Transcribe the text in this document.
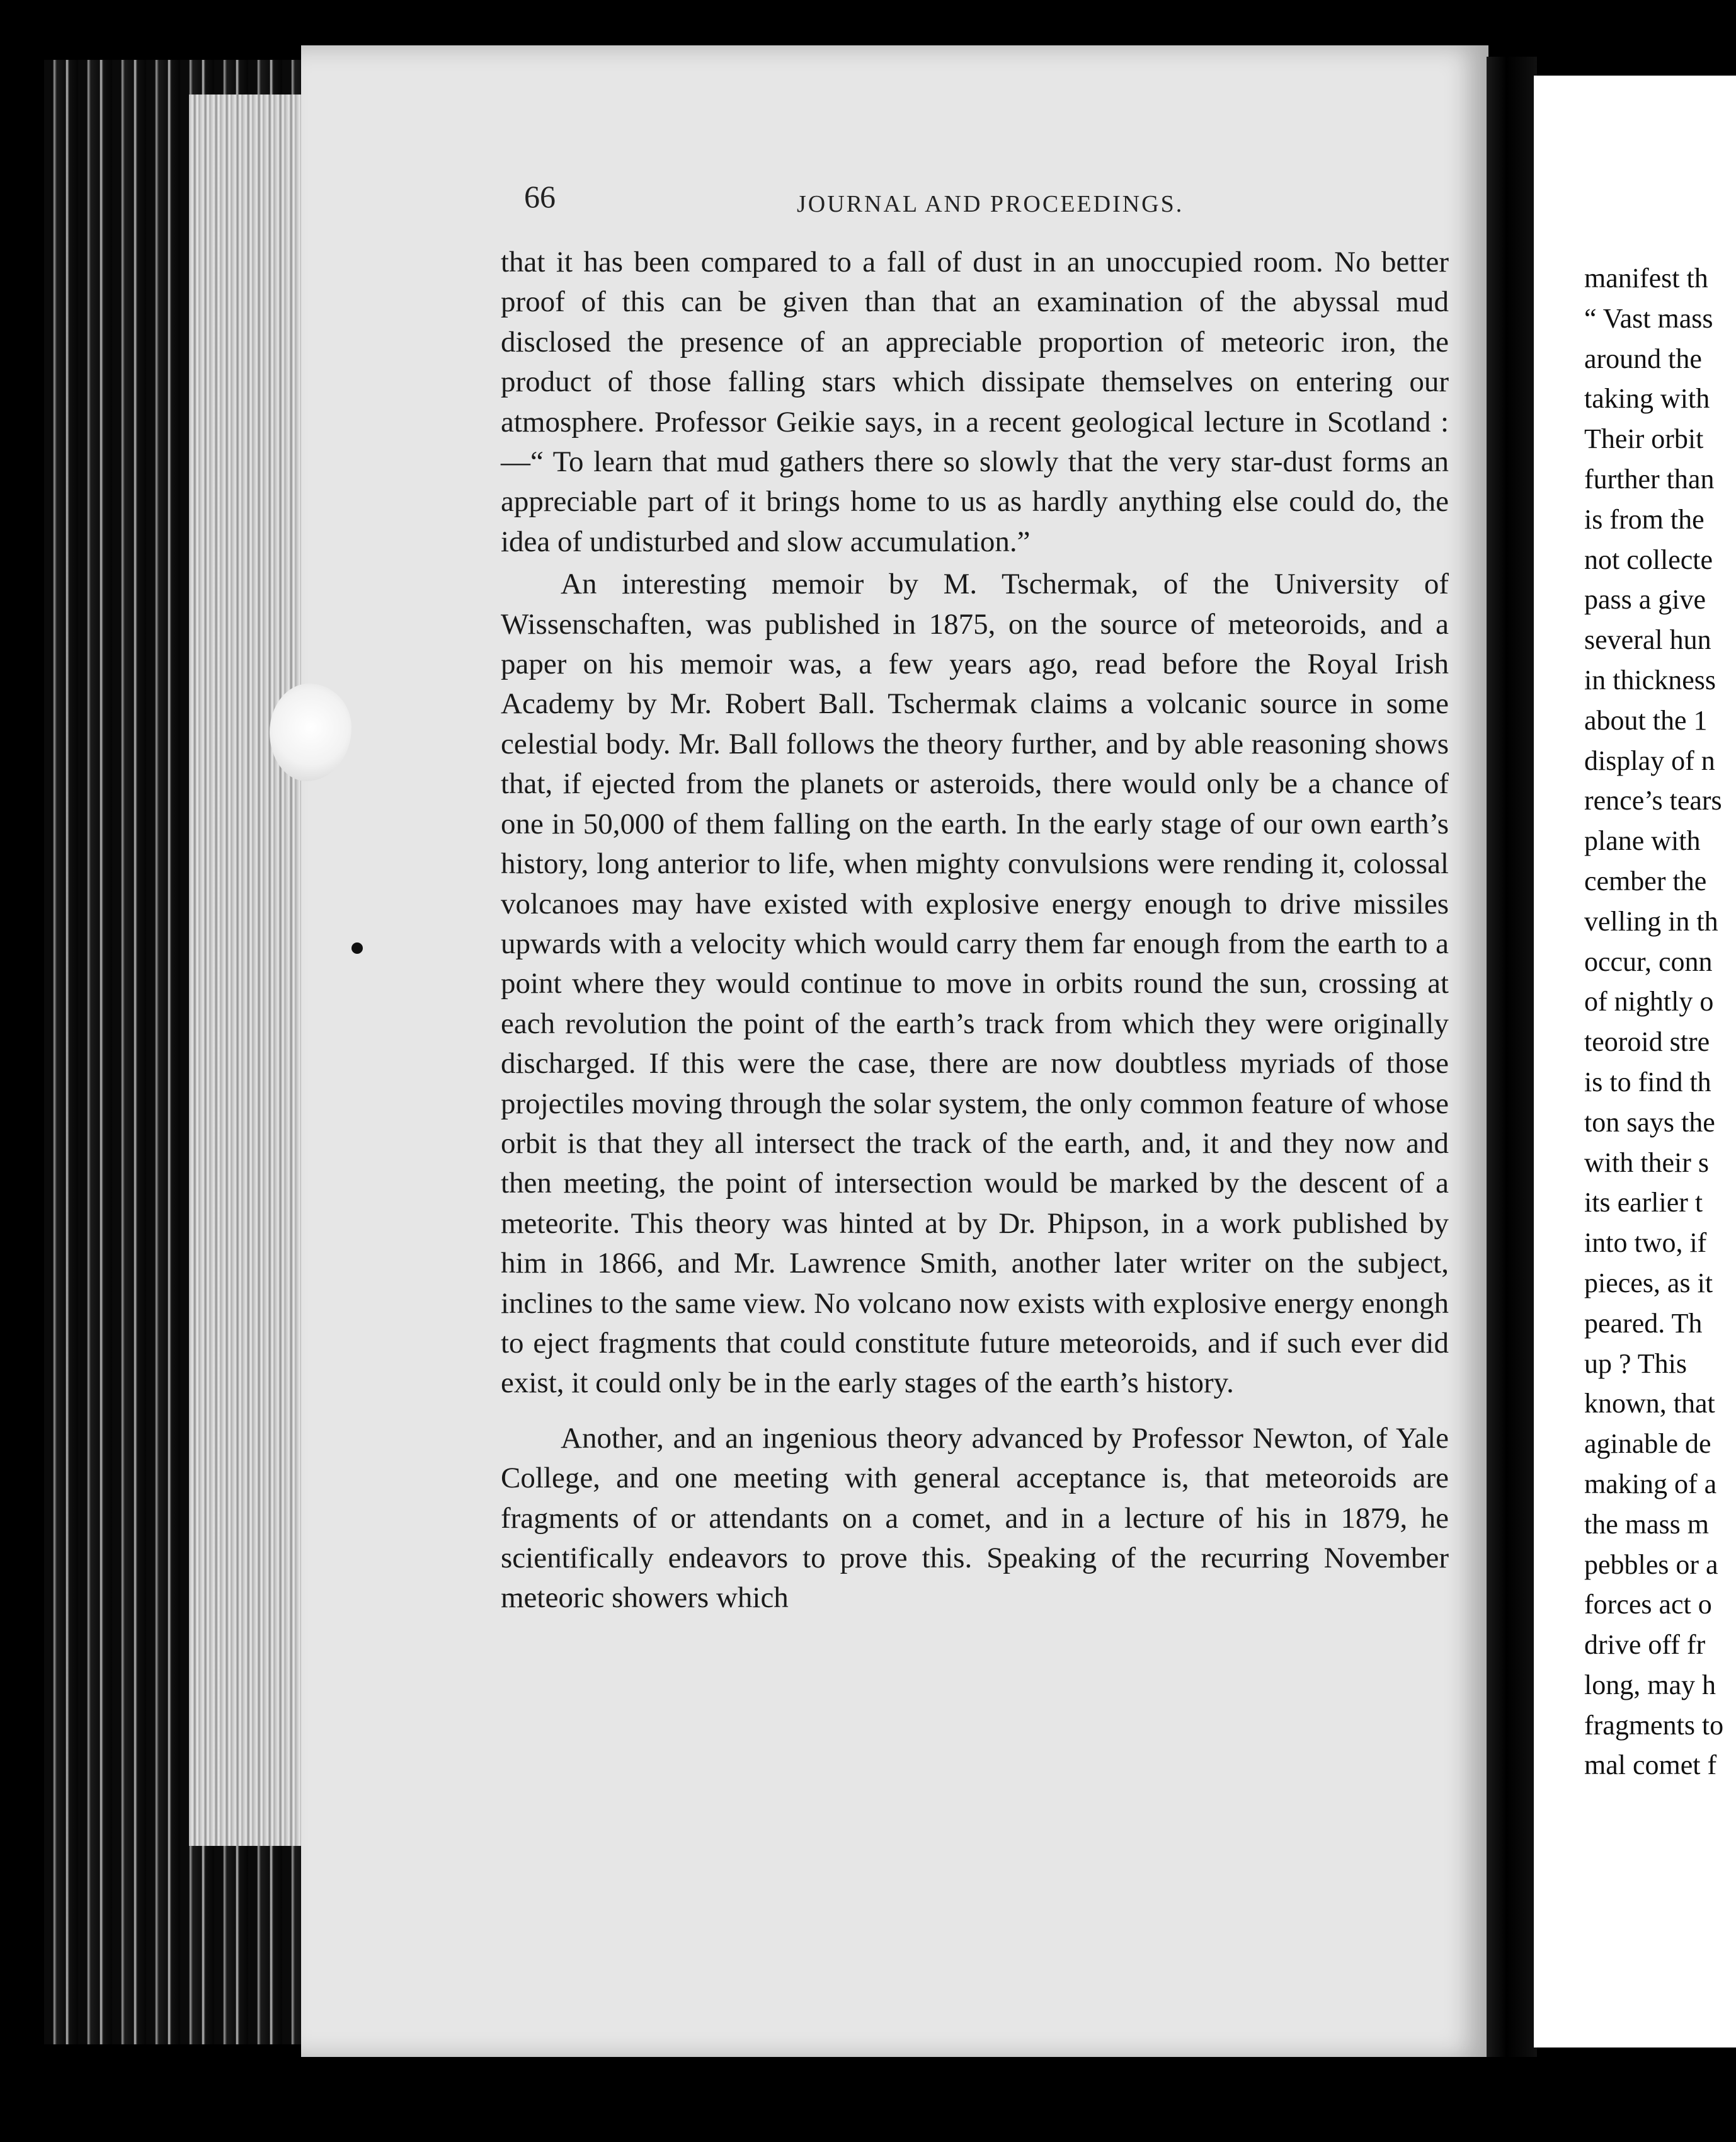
66	JOURNAL AND PROCEEDINGS.

that it has been compared to a fall of dust in an unoccupied room. No better proof of this can be given than that an examination of the abyssal mud disclosed the presence of an appreciable proportion of meteoric iron, the product of those falling stars which dissipate themselves on entering our atmosphere. Professor Geikie says, in a recent geological lecture in Scotland :—“ To learn that mud gathers there so slowly that the very star-dust forms an appreciable part of it brings home to us as hardly anything else could do, the idea of undisturbed and slow accumulation.”

An interesting memoir by M. Tschermak, of the University of Wissenschaften, was published in 1875, on the source of meteoroids, and a paper on his memoir was, a few years ago, read before the Royal Irish Academy by Mr. Robert Ball. Tschermak claims a volcanic source in some celestial body. Mr. Ball follows the theory further, and by able reasoning shows that, if ejected from the planets or asteroids, there would only be a chance of one in 50,000 of them falling on the earth. In the early stage of our own earth’s history, long anterior to life, when mighty convulsions were rending it, colossal volcanoes may have existed with explosive energy enough to drive missiles upwards with a velocity which would carry them far enough from the earth to a point where they would continue to move in orbits round the sun, crossing at each revolution the point of the earth’s track from which they were originally discharged. If this were the case, there are now doubtless myriads of those projectiles moving through the solar system, the only common feature of whose orbit is that they all intersect the track of the earth, and, it and they now and then meeting, the point of intersection would be marked by the descent of a meteorite. This theory was hinted at by Dr. Phipson, in a work published by him in 1866, and Mr. Lawrence Smith, another later writer on the subject, inclines to the same view. No volcano now exists with explosive energy enongh to eject fragments that could constitute future meteoroids, and if such ever did exist, it could only be in the early stages of the earth’s history.

Another, and an ingenious theory advanced by Professor Newton, of Yale College, and one meeting with general acceptance is, that meteoroids are fragments of or attendants on a comet, and in a lecture of his in 1879, he scientifically endeavors to prove this. Speaking of the recurring November meteoric showers which

manifest th
“ Vast mass
around the
taking with
Their orbit
further than
is from the
not collecte
pass a give
several hun
in thickness
about the 1
display of n
rence’s tears
plane with
cember the
velling in th
occur, conn
of nightly o
teoroid stre
is to find th
ton says the
with their s
its earlier t
into two, if
pieces, as it
peared. Th
up ? This
known, that
aginable de
making of a
the mass m
pebbles or a
forces act o
drive off fr
long, may h
fragments to
mal comet f
